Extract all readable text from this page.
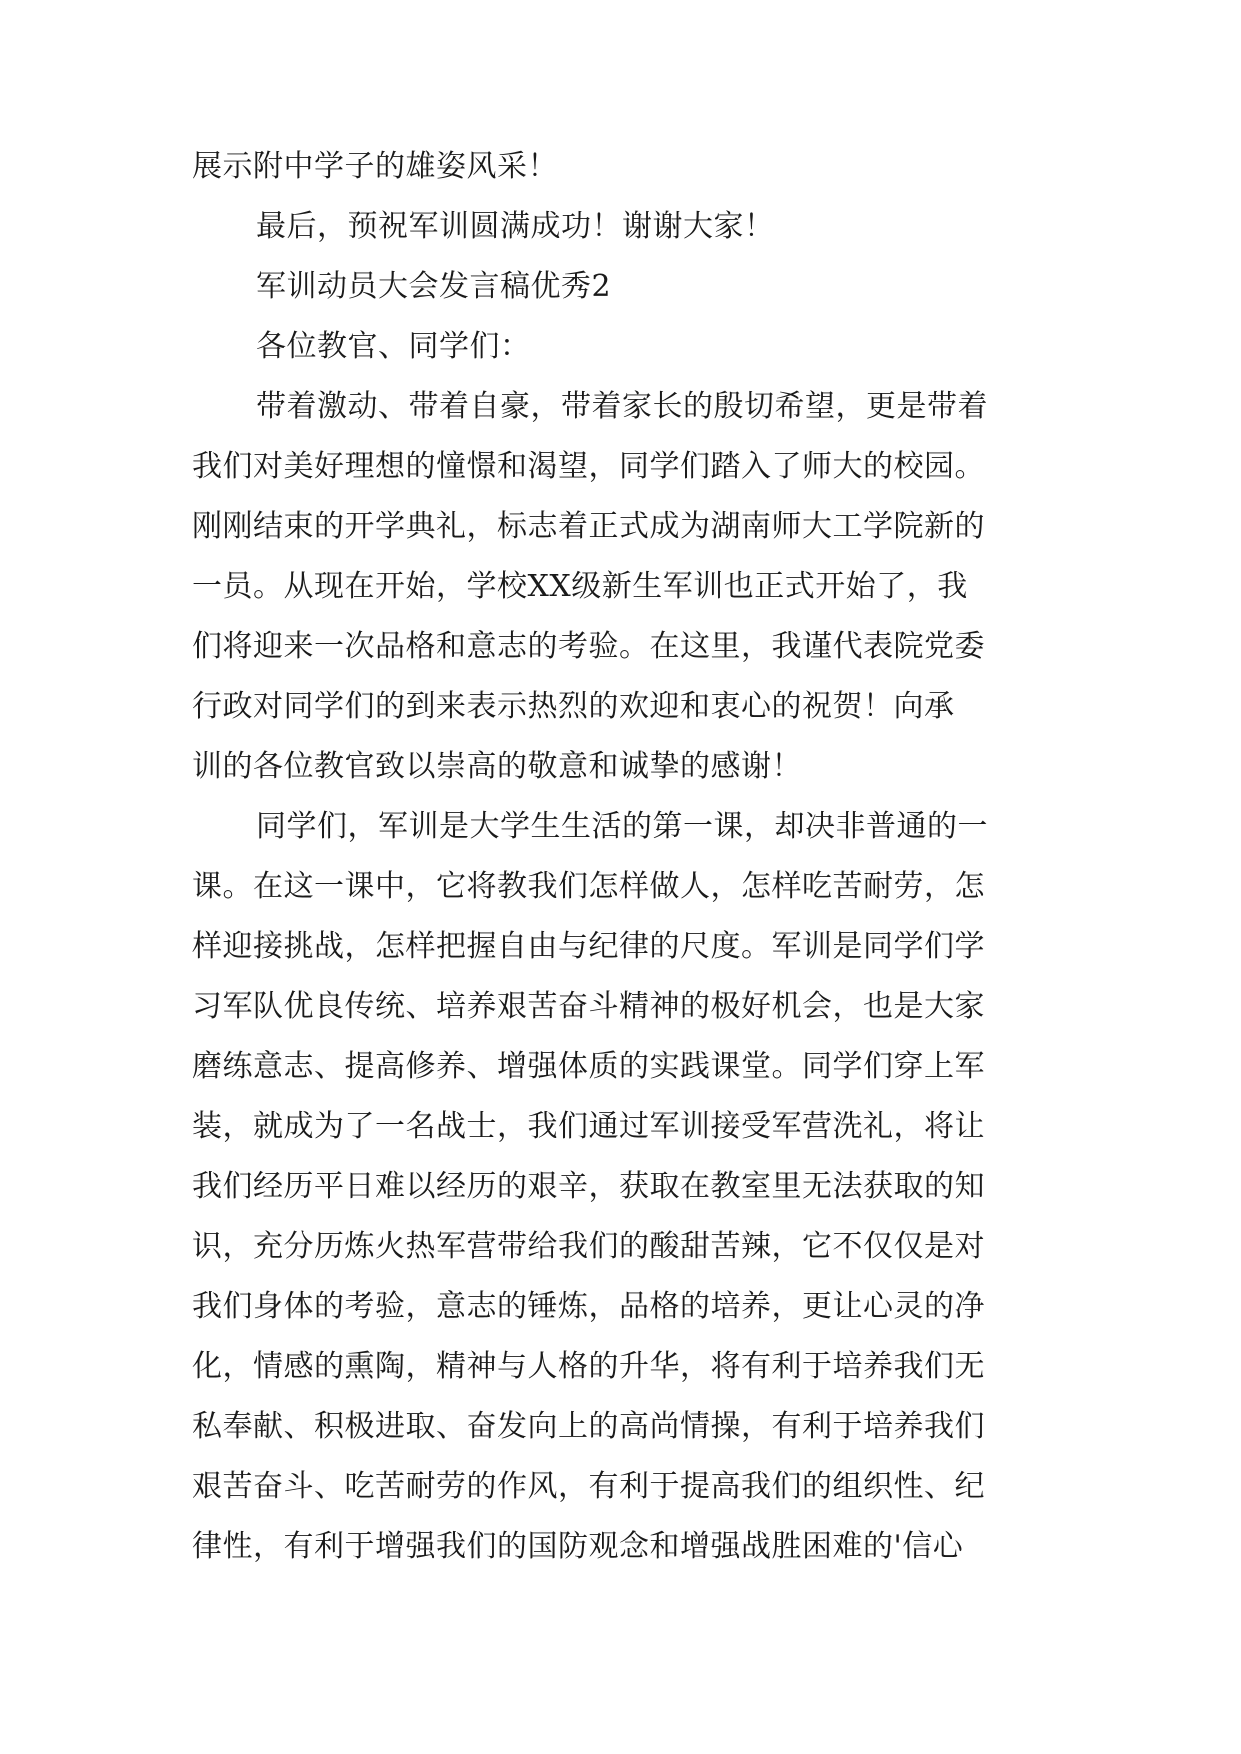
展示附中学子的雄姿风采！
最后，预祝军训圆满成功！谢谢大家！
军训动员大会发言稿优秀2
各位教官、同学们：
带着激动、带着自豪，带着家长的殷切希望，更是带着
我们对美好理想的憧憬和渴望，同学们踏入了师大的校园。
刚刚结束的开学典礼，标志着正式成为湖南师大工学院新的
一员。从现在开始，学校XX级新生军训也正式开始了，我
们将迎来一次品格和意志的考验。在这里，我谨代表院党委
行政对同学们的到来表示热烈的欢迎和衷心的祝贺！向承
训的各位教官致以崇高的敬意和诚挚的感谢！
同学们，军训是大学生生活的第一课，却决非普通的一
课。在这一课中，它将教我们怎样做人，怎样吃苦耐劳，怎
样迎接挑战，怎样把握自由与纪律的尺度。军训是同学们学
习军队优良传统、培养艰苦奋斗精神的极好机会，也是大家
磨练意志、提高修养、增强体质的实践课堂。同学们穿上军
装，就成为了一名战士，我们通过军训接受军营洗礼，将让
我们经历平日难以经历的艰辛，获取在教室里无法获取的知
识，充分历炼火热军营带给我们的酸甜苦辣，它不仅仅是对
我们身体的考验，意志的锤炼，品格的培养，更让心灵的净
化，情感的熏陶，精神与人格的升华，将有利于培养我们无
私奉献、积极进取、奋发向上的高尚情操，有利于培养我们
艰苦奋斗、吃苦耐劳的作风，有利于提高我们的组织性、纪
律性，有利于增强我们的国防观念和增强战胜困难的'信心
